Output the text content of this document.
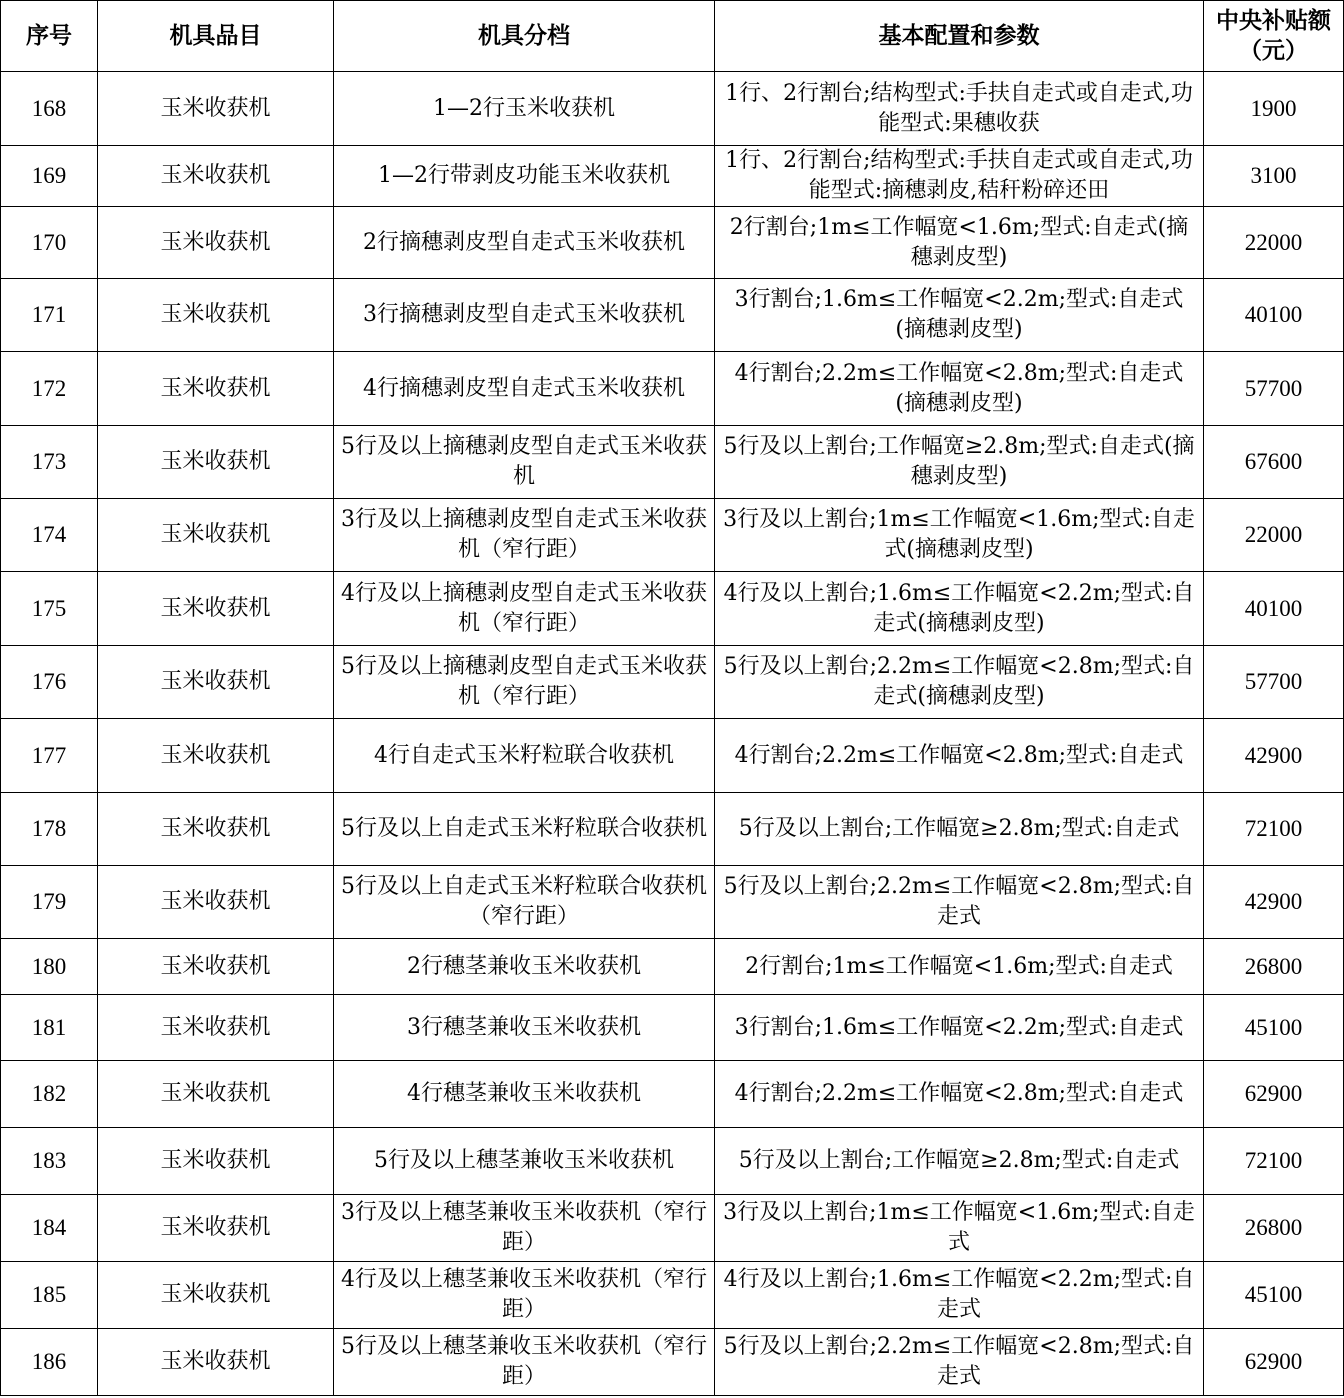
序号	机具品目	机具分档	基本配置和参数	中央补贴额（元）
168	玉米收获机	1—2行玉米收获机	1行、2行割台;结构型式:手扶自走式或自走式,功能型式:果穗收获	1900
169	玉米收获机	1—2行带剥皮功能玉米收获机	1行、2行割台;结构型式:手扶自走式或自走式,功能型式:摘穗剥皮,秸秆粉碎还田	3100
170	玉米收获机	2行摘穗剥皮型自走式玉米收获机	2行割台;1m≤工作幅宽<1.6m;型式:自走式(摘穗剥皮型)	22000
171	玉米收获机	3行摘穗剥皮型自走式玉米收获机	3行割台;1.6m≤工作幅宽<2.2m;型式:自走式(摘穗剥皮型)	40100
172	玉米收获机	4行摘穗剥皮型自走式玉米收获机	4行割台;2.2m≤工作幅宽<2.8m;型式:自走式(摘穗剥皮型)	57700
173	玉米收获机	5行及以上摘穗剥皮型自走式玉米收获机	5行及以上割台;工作幅宽≥2.8m;型式:自走式(摘穗剥皮型)	67600
174	玉米收获机	3行及以上摘穗剥皮型自走式玉米收获机（窄行距）	3行及以上割台;1m≤工作幅宽<1.6m;型式:自走式(摘穗剥皮型)	22000
175	玉米收获机	4行及以上摘穗剥皮型自走式玉米收获机（窄行距）	4行及以上割台;1.6m≤工作幅宽<2.2m;型式:自走式(摘穗剥皮型)	40100
176	玉米收获机	5行及以上摘穗剥皮型自走式玉米收获机（窄行距）	5行及以上割台;2.2m≤工作幅宽<2.8m;型式:自走式(摘穗剥皮型)	57700
177	玉米收获机	4行自走式玉米籽粒联合收获机	4行割台;2.2m≤工作幅宽<2.8m;型式:自走式	42900
178	玉米收获机	5行及以上自走式玉米籽粒联合收获机	5行及以上割台;工作幅宽≥2.8m;型式:自走式	72100
179	玉米收获机	5行及以上自走式玉米籽粒联合收获机（窄行距）	5行及以上割台;2.2m≤工作幅宽<2.8m;型式:自走式	42900
180	玉米收获机	2行穗茎兼收玉米收获机	2行割台;1m≤工作幅宽<1.6m;型式:自走式	26800
181	玉米收获机	3行穗茎兼收玉米收获机	3行割台;1.6m≤工作幅宽<2.2m;型式:自走式	45100
182	玉米收获机	4行穗茎兼收玉米收获机	4行割台;2.2m≤工作幅宽<2.8m;型式:自走式	62900
183	玉米收获机	5行及以上穗茎兼收玉米收获机	5行及以上割台;工作幅宽≥2.8m;型式:自走式	72100
184	玉米收获机	3行及以上穗茎兼收玉米收获机（窄行距）	3行及以上割台;1m≤工作幅宽<1.6m;型式:自走式	26800
185	玉米收获机	4行及以上穗茎兼收玉米收获机（窄行距）	4行及以上割台;1.6m≤工作幅宽<2.2m;型式:自走式	45100
186	玉米收获机	5行及以上穗茎兼收玉米收获机（窄行距）	5行及以上割台;2.2m≤工作幅宽<2.8m;型式:自走式	62900
